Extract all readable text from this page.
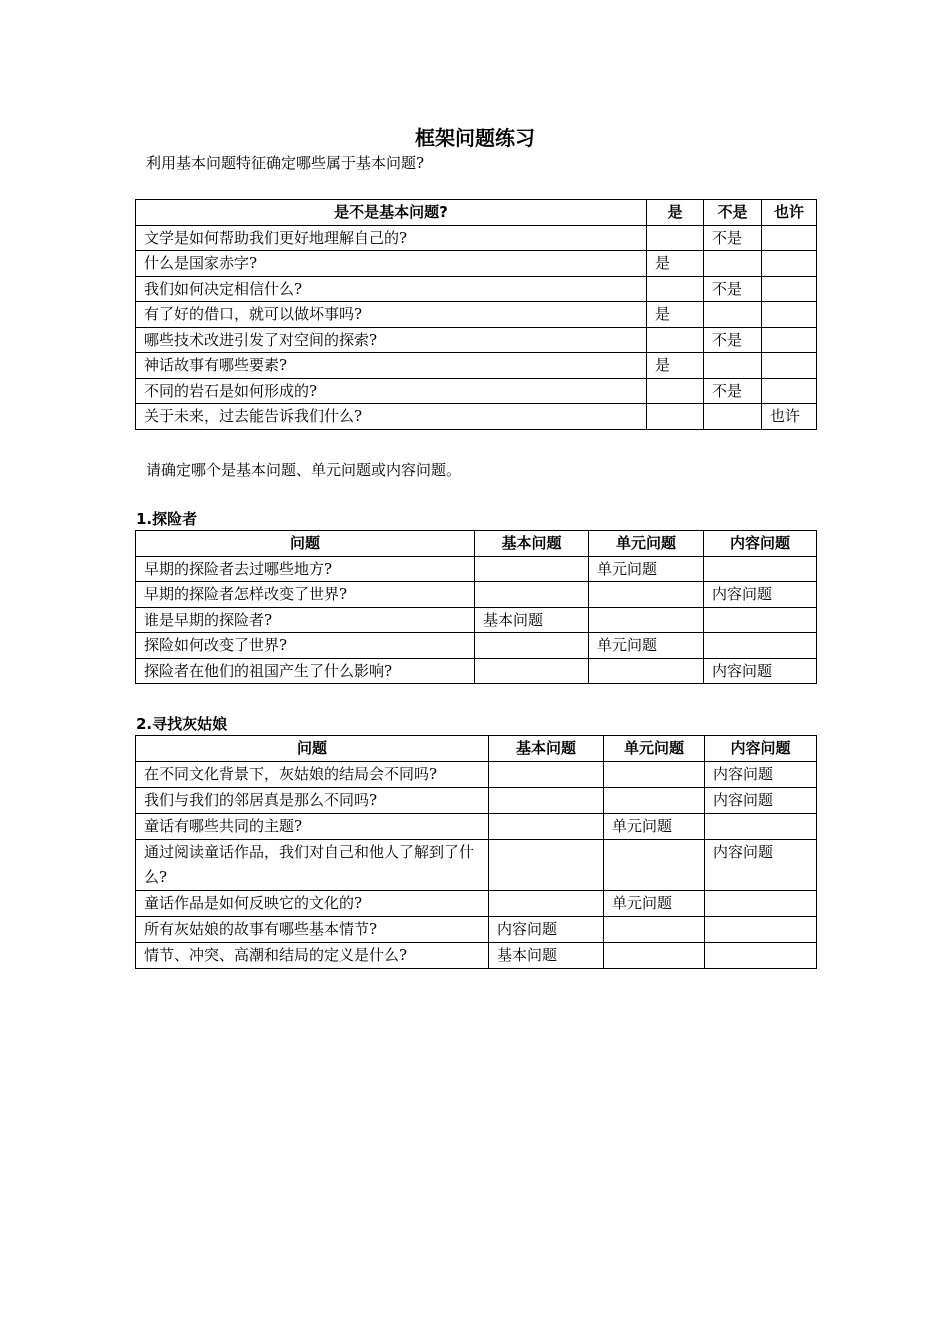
框架问题练习
利用基本问题特征确定哪些属于基本问题?
是不是基本问题?	是	不是	也许
文学是如何帮助我们更好地理解自己的?		不是	
什么是国家赤字?	是		
我们如何决定相信什么?		不是	
有了好的借口，就可以做坏事吗?	是		
哪些技术改进引发了对空间的探索?		不是	
神话故事有哪些要素?	是		
不同的岩石是如何形成的?		不是	
关于未来，过去能告诉我们什么?			也许
请确定哪个是基本问题、单元问题或内容问题。
1.探险者
问题	基本问题	单元问题	内容问题
早期的探险者去过哪些地方?		单元问题	
早期的探险者怎样改变了世界?			内容问题
谁是早期的探险者?	基本问题		
探险如何改变了世界?		单元问题	
探险者在他们的祖国产生了什么影响?			内容问题
2.寻找灰姑娘
问题	基本问题	单元问题	内容问题
在不同文化背景下，灰姑娘的结局会不同吗?			内容问题
我们与我们的邻居真是那么不同吗?			内容问题
童话有哪些共同的主题?		单元问题	
通过阅读童话作品，我们对自己和他人了解到了什么?			内容问题
童话作品是如何反映它的文化的?		单元问题	
所有灰姑娘的故事有哪些基本情节?	内容问题		
情节、冲突、高潮和结局的定义是什么?	基本问题		
